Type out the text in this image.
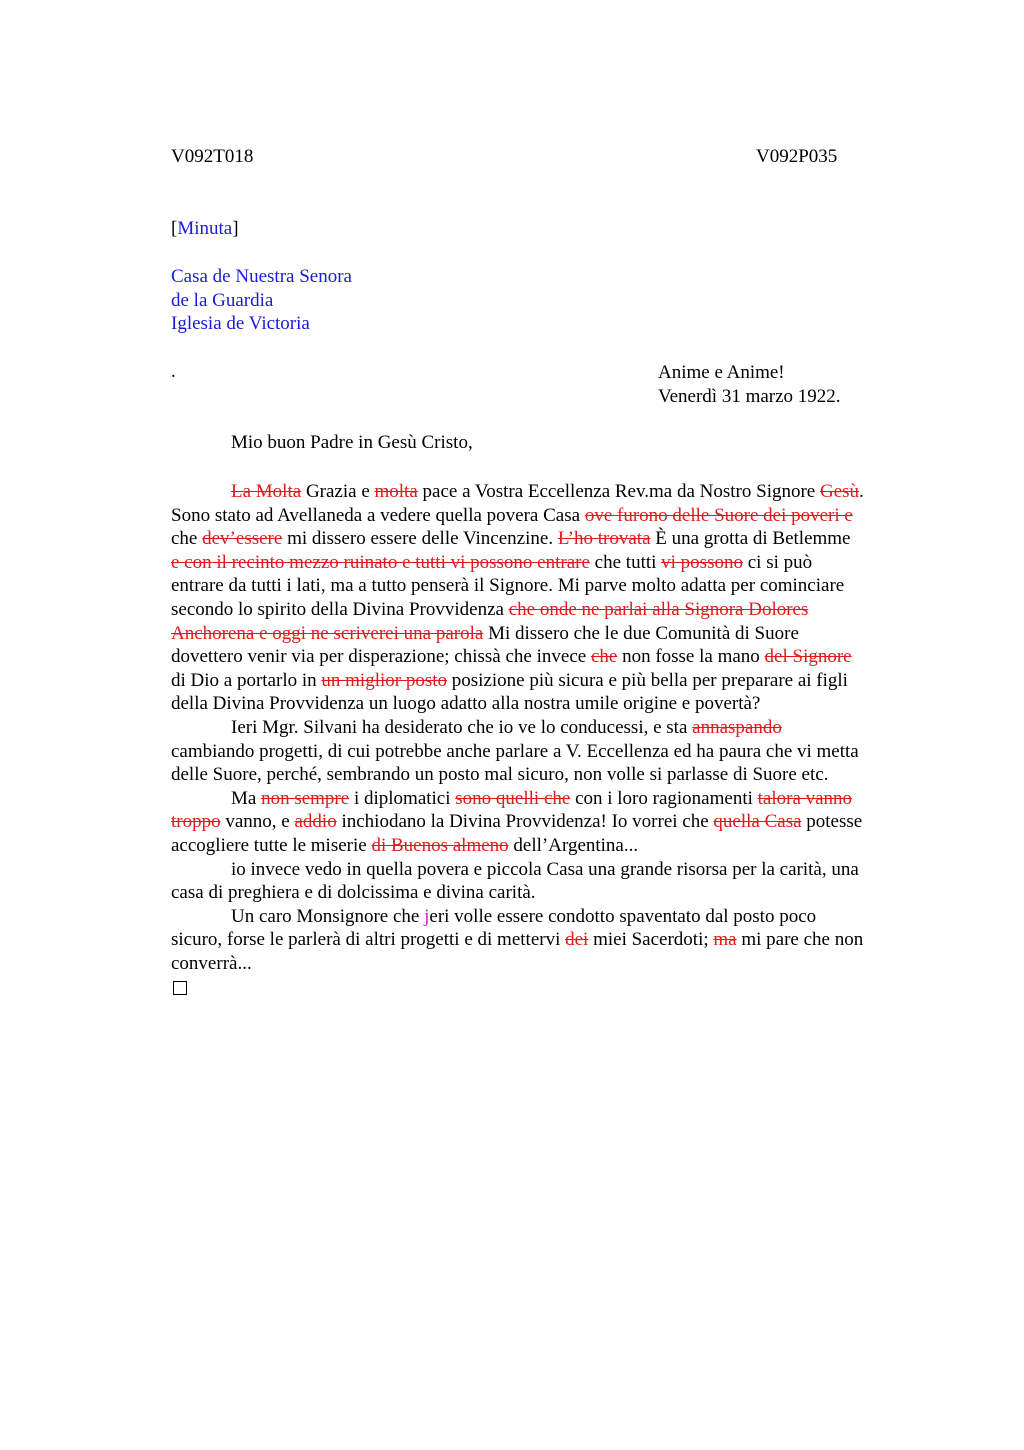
V092T018	V092P035
[Minuta]
Casa de Nuestra Senora
de la Guardia
Iglesia de Victoria
.	Anime e Anime!
Venerdì 31 marzo 1922.
Mio buon Padre in Gesù Cristo,
La Molta Grazia e molta pace a Vostra Eccellenza Rev.ma da Nostro Signore Gesù.
Sono stato ad Avellaneda a vedere quella povera Casa ove furono delle Suore dei poveri e
che dev’essere mi dissero essere delle Vincenzine. L’ho trovata È una grotta di Betlemme
e con il recinto mezzo ruinato e tutti vi possono entrare che tutti vi possono ci si può
entrare da tutti i lati, ma a tutto penserà il Signore. Mi parve molto adatta per cominciare
secondo lo spirito della Divina Provvidenza che onde ne parlai alla Signora Dolores
Anchorena e oggi ne scriverei una parola Mi dissero che le due Comunità di Suore
dovettero venir via per disperazione; chissà che invece che non fosse la mano del Signore
di Dio a portarlo in un miglior posto posizione più sicura e più bella per preparare ai figli
della Divina Provvidenza un luogo adatto alla nostra umile origine e povertà?
Ieri Mgr. Silvani ha desiderato che io ve lo conducessi, e sta annaspando
cambiando progetti, di cui potrebbe anche parlare a V. Eccellenza ed ha paura che vi metta
delle Suore, perché, sembrando un posto mal sicuro, non volle si parlasse di Suore etc.
Ma non sempre i diplomatici sono quelli che con i loro ragionamenti talora vanno
troppo vanno, e addio inchiodano la Divina Provvidenza! Io vorrei che quella Casa potesse
accogliere tutte le miserie di Buenos almeno dell’Argentina...
io invece vedo in quella povera e piccola Casa una grande risorsa per la carità, una
casa di preghiera e di dolcissima e divina carità.
Un caro Monsignore che jeri volle essere condotto spaventato dal posto poco
sicuro, forse le parlerà di altri progetti e di mettervi dei miei Sacerdoti; ma mi pare che non
converrà...
